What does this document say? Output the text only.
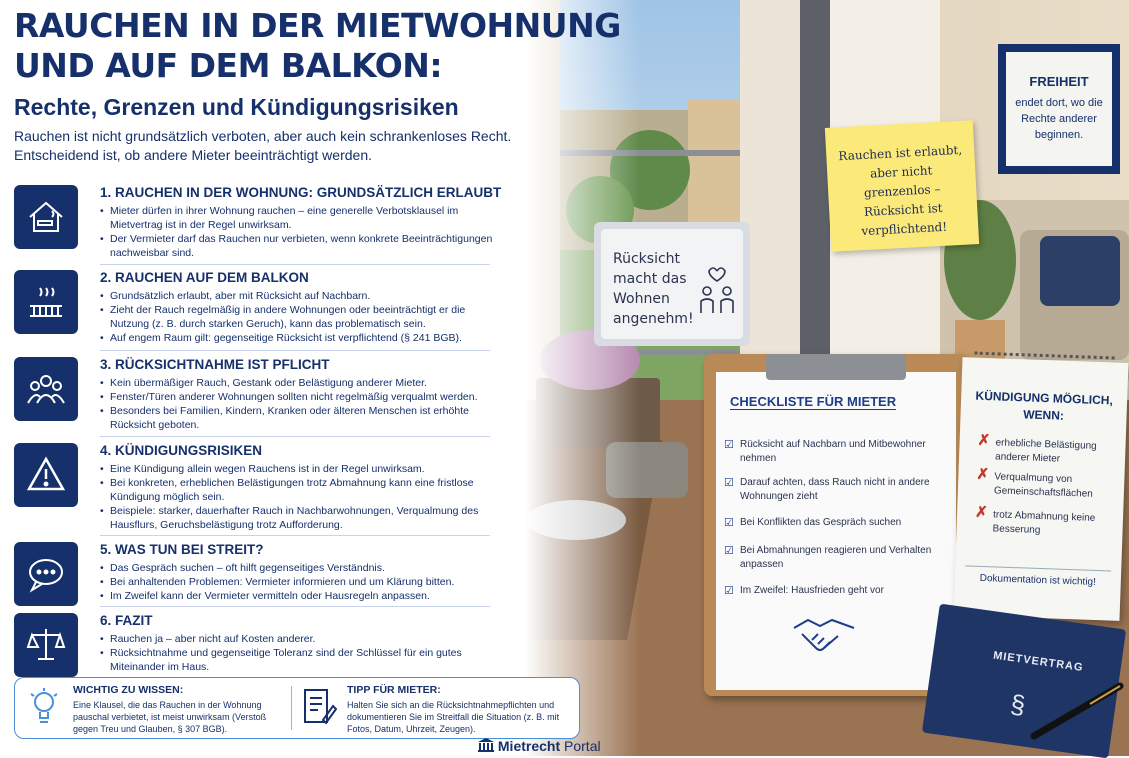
RAUCHEN IN DER MIETWOHNUNG
UND AUF DEM BALKON:
Rechte, Grenzen und Kündigungsrisiken
Rauchen ist nicht grundsätzlich verboten, aber auch kein schrankenloses Recht.
Entscheidend ist, ob andere Mieter beeinträchtigt werden.
1. RAUCHEN IN DER WOHNUNG: GRUNDSÄTZLICH ERLAUBT
• Mieter dürfen in ihrer Wohnung rauchen – eine generelle Verbotsklausel im Mietvertrag ist in der Regel unwirksam.
• Der Vermieter darf das Rauchen nur verbieten, wenn konkrete Beeinträchtigungen nachweisbar sind.
2. RAUCHEN AUF DEM BALKON
• Grundsätzlich erlaubt, aber mit Rücksicht auf Nachbarn.
• Zieht der Rauch regelmäßig in andere Wohnungen oder beeinträchtigt er die Nutzung (z. B. durch starken Geruch), kann das problematisch sein.
• Auf engem Raum gilt: gegenseitige Rücksicht ist verpflichtend (§ 241 BGB).
3. RÜCKSICHTNAHME IST PFLICHT
• Kein übermäßiger Rauch, Gestank oder Belästigung anderer Mieter.
• Fenster/Türen anderer Wohnungen sollten nicht regelmäßig verqualmt werden.
• Besonders bei Familien, Kindern, Kranken oder älteren Menschen ist erhöhte Rücksicht geboten.
4. KÜNDIGUNGSRISIKEN
• Eine Kündigung allein wegen Rauchens ist in der Regel unwirksam.
• Bei konkreten, erheblichen Belästigungen trotz Abmahnung kann eine fristlose Kündigung möglich sein.
• Beispiele: starker, dauerhafter Rauch in Nachbarwohnungen, Verqualmung des Hausflurs, Geruchsbelästigung trotz Aufforderung.
5. WAS TUN BEI STREIT?
• Das Gespräch suchen – oft hilft gegenseitiges Verständnis.
• Bei anhaltenden Problemen: Vermieter informieren und um Klärung bitten.
• Im Zweifel kann der Vermieter vermitteln oder Hausregeln anpassen.
6. FAZIT
• Rauchen ja – aber nicht auf Kosten anderer.
• Rücksichtnahme und gegenseitige Toleranz sind der Schlüssel für ein gutes Miteinander im Haus.
WICHTIG ZU WISSEN:
Eine Klausel, die das Rauchen in der Wohnung pauschal verbietet, ist meist unwirksam (Verstoß gegen Treu und Glauben, § 307 BGB).
TIPP FÜR MIETER:
Halten Sie sich an die Rücksichtnahmepflichten und dokumentieren Sie im Streitfall die Situation (z. B. mit Fotos, Datum, Uhrzeit, Zeugen).
Mietrecht Portal
FREIHEIT
endet dort, wo die Rechte anderer beginnen.
Rauchen ist erlaubt, aber nicht grenzenlos – Rücksicht ist verpflichtend!
Rücksicht macht das Wohnen angenehm!
CHECKLISTE FÜR MIETER
☑ Rücksicht auf Nachbarn und Mitbewohner nehmen
☑ Darauf achten, dass Rauch nicht in andere Wohnungen zieht
☑ Bei Konflikten das Gespräch suchen
☑ Bei Abmahnungen reagieren und Verhalten anpassen
☑ Im Zweifel: Hausfrieden geht vor
KÜNDIGUNG MÖGLICH, WENN:
✗ erhebliche Belästigung anderer Mieter
✗ Verqualmung von Gemeinschaftsflächen
✗ trotz Abmahnung keine Besserung
Dokumentation ist wichtig!
MIETVERTRAG
§
